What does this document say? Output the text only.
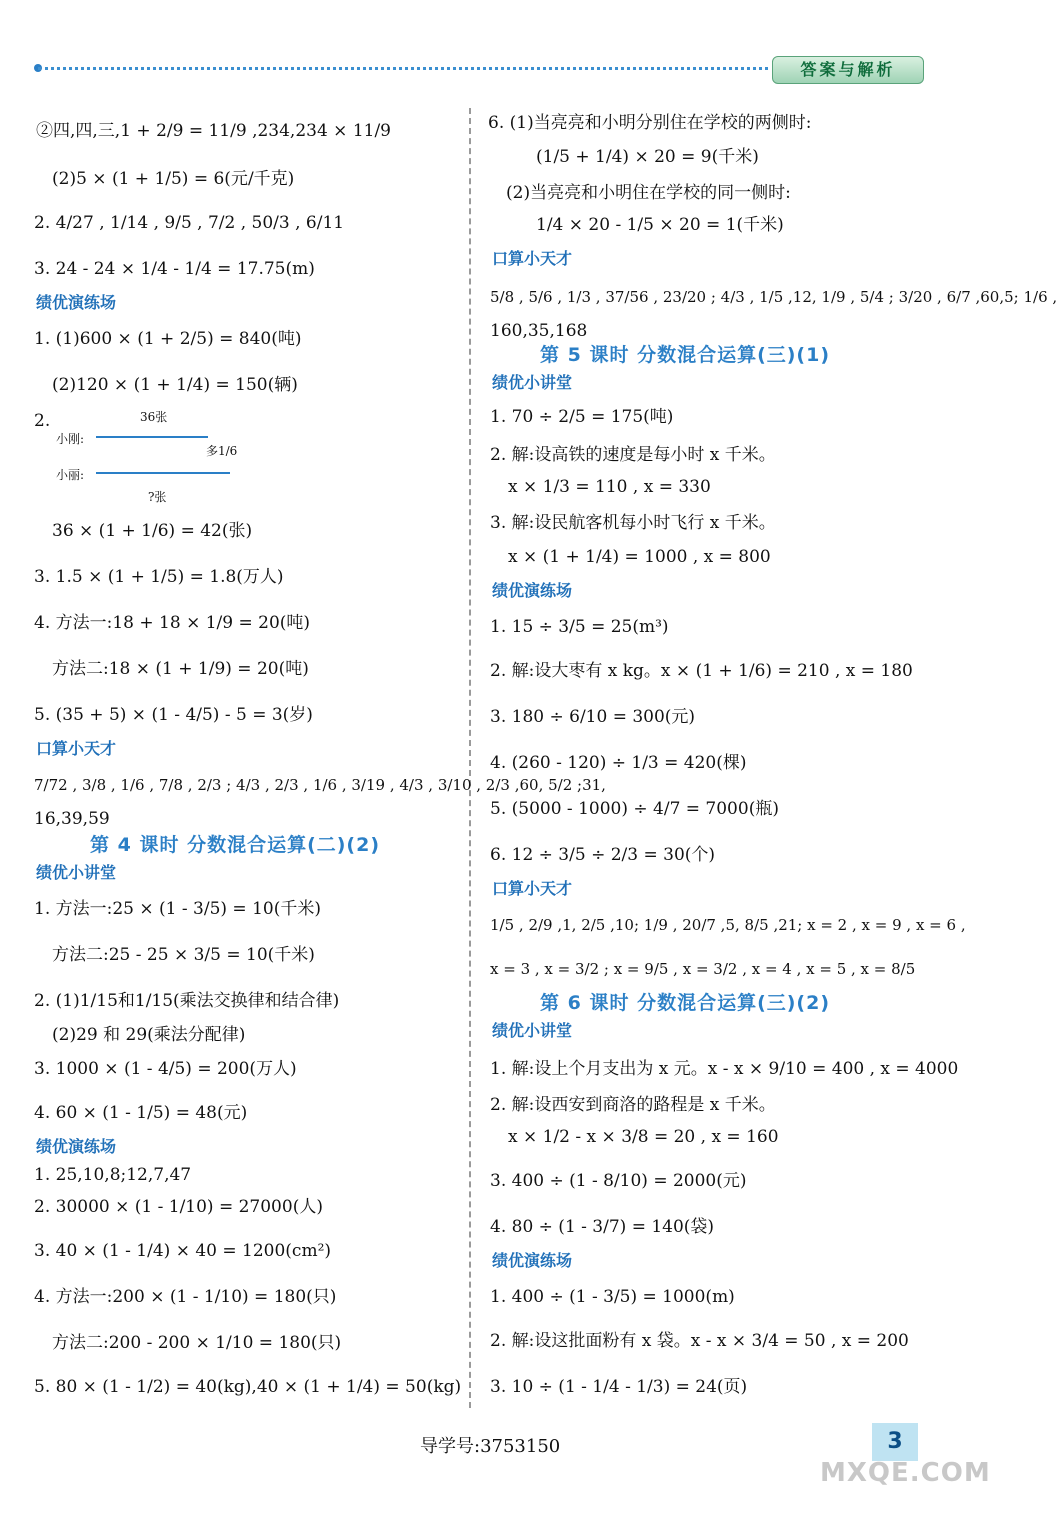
答案与解析
②四,四,三,1 + 2/9 = 11/9 ,234,234 × 11/9
(2)5 × (1 + 1/5) = 6(元/千克)
2. 4/27 , 1/14 , 9/5 , 7/2 , 50/3 , 6/11
3. 24 - 24 × 1/4 - 1/4 = 17.75(m)
绩优演练场
1. (1)600 × (1 + 2/5) = 840(吨)
(2)120 × (1 + 1/4) = 150(辆)
2.	36张
小刚:
小丽:
多1/6
?张
36 × (1 + 1/6) = 42(张)
3. 1.5 × (1 + 1/5) = 1.8(万人)
4. 方法一:18 + 18 × 1/9 = 20(吨)
方法二:18 × (1 + 1/9) = 20(吨)
5. (35 + 5) × (1 - 4/5) - 5 = 3(岁)
口算小天才
7/72 , 3/8 , 1/6 , 7/8 , 2/3 ; 4/3 , 2/3 , 1/6 , 3/19 , 4/3 , 3/10 , 2/3 ,60, 5/2 ;31,
16,39,59
第 4 课时 分数混合运算(二)(2)
绩优小讲堂
1. 方法一:25 × (1 - 3/5) = 10(千米)
方法二:25 - 25 × 3/5 = 10(千米)
2. (1)1/15和1/15(乘法交换律和结合律)
(2)29 和 29(乘法分配律)
3. 1000 × (1 - 4/5) = 200(万人)
4. 60 × (1 - 1/5) = 48(元)
绩优演练场
1. 25,10,8;12,7,47
2. 30000 × (1 - 1/10) = 27000(人)
3. 40 × (1 - 1/4) × 40 = 1200(cm²)
4. 方法一:200 × (1 - 1/10) = 180(只)
方法二:200 - 200 × 1/10 = 180(只)
5. 80 × (1 - 1/2) = 40(kg),40 × (1 + 1/4) = 50(kg)
6. (1)当亮亮和小明分别住在学校的两侧时:
(1/5 + 1/4) × 20 = 9(千米)
(2)当亮亮和小明住在学校的同一侧时:
1/4 × 20 - 1/5 × 20 = 1(千米)
口算小天才
5/8 , 5/6 , 1/3 , 37/56 , 23/20 ; 4/3 , 1/5 ,12, 1/9 , 5/4 ; 3/20 , 6/7 ,60,5; 1/6 ,
160,35,168
第 5 课时 分数混合运算(三)(1)
绩优小讲堂
1. 70 ÷ 2/5 = 175(吨)
2. 解:设高铁的速度是每小时 x 千米。
x × 1/3 = 110 , x = 330
3. 解:设民航客机每小时飞行 x 千米。
x × (1 + 1/4) = 1000 , x = 800
绩优演练场
1. 15 ÷ 3/5 = 25(m³)
2. 解:设大枣有 x kg。x × (1 + 1/6) = 210 , x = 180
3. 180 ÷ 6/10 = 300(元)
4. (260 - 120) ÷ 1/3 = 420(棵)
5. (5000 - 1000) ÷ 4/7 = 7000(瓶)
6. 12 ÷ 3/5 ÷ 2/3 = 30(个)
口算小天才
1/5 , 2/9 ,1, 2/5 ,10; 1/9 , 20/7 ,5, 8/5 ,21; x = 2 , x = 9 , x = 6 ,
x = 3 , x = 3/2 ; x = 9/5 , x = 3/2 , x = 4 , x = 5 , x = 8/5
第 6 课时 分数混合运算(三)(2)
绩优小讲堂
1. 解:设上个月支出为 x 元。x - x × 9/10 = 400 , x = 4000
2. 解:设西安到商洛的路程是 x 千米。
x × 1/2 - x × 3/8 = 20 , x = 160
3. 400 ÷ (1 - 8/10) = 2000(元)
4. 80 ÷ (1 - 3/7) = 140(袋)
绩优演练场
1. 400 ÷ (1 - 3/5) = 1000(m)
2. 解:设这批面粉有 x 袋。x - x × 3/4 = 50 , x = 200
3. 10 ÷ (1 - 1/4 - 1/3) = 24(页)
导学号:3753150	3
MXQE.COM
